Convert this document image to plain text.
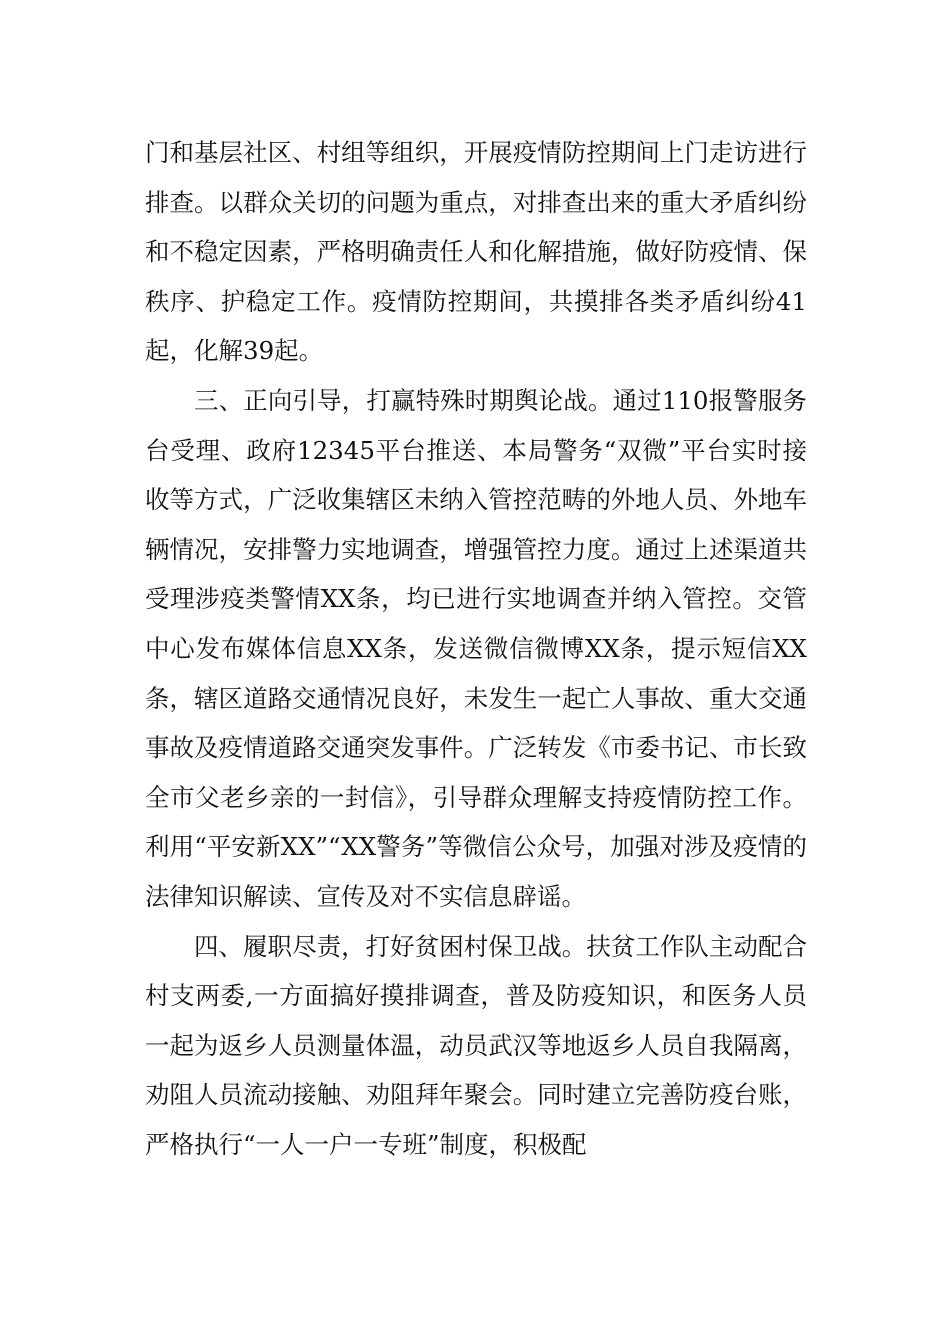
门和基层社区、村组等组织，开展疫情防控期间上门走访进行排查。以群众关切的问题为重点，对排查出来的重大矛盾纠纷和不稳定因素，严格明确责任人和化解措施，做好防疫情、保秩序、护稳定工作。疫情防控期间，共摸排各类矛盾纠纷41起，化解39起。

三、正向引导，打赢特殊时期舆论战。通过110报警服务台受理、政府12345平台推送、本局警务“双微”平台实时接收等方式，广泛收集辖区未纳入管控范畴的外地人员、外地车辆情况，安排警力实地调查，增强管控力度。通过上述渠道共受理涉疫类警情XX条，均已进行实地调查并纳入管控。交管中心发布媒体信息XX条，发送微信微博XX条，提示短信XX条，辖区道路交通情况良好，未发生一起亡人事故、重大交通事故及疫情道路交通突发事件。广泛转发《市委书记、市长致全市父老乡亲的一封信》，引导群众理解支持疫情防控工作。利用“平安新XX”“XX警务”等微信公众号，加强对涉及疫情的法律知识解读、宣传及对不实信息辟谣。

四、履职尽责，打好贫困村保卫战。扶贫工作队主动配合村支两委,一方面搞好摸排调查，普及防疫知识，和医务人员一起为返乡人员测量体温，动员武汉等地返乡人员自我隔离，劝阻人员流动接触、劝阻拜年聚会。同时建立完善防疫台账，严格执行“一人一户一专班”制度，积极配
